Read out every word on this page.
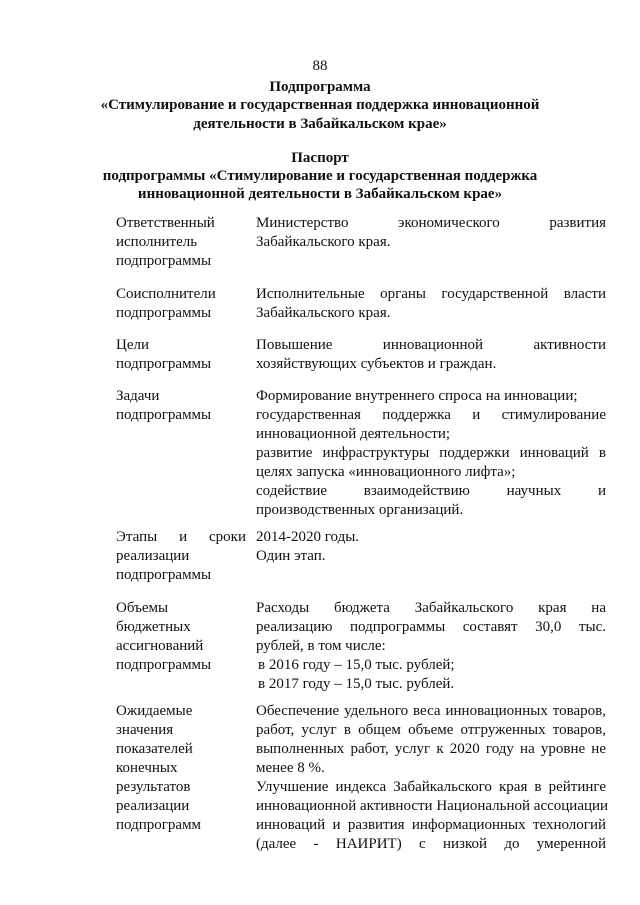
88
Подпрограмма
«Стимулирование и государственная поддержка инновационной
деятельности в Забайкальском крае»
Паспорт
подпрограммы «Стимулирование и государственная поддержка
инновационной деятельности в Забайкальском крае»
Ответственный
исполнитель
подпрограммы
Министерство экономического развития
Забайкальского края.
Соисполнители
подпрограммы
Исполнительные органы государственной власти
Забайкальского края.
Цели
подпрограммы
Повышение инновационной активности
хозяйствующих субъектов и граждан.
Задачи
подпрограммы
Формирование внутреннего спроса на инновации;
государственная поддержка и стимулирование
инновационной деятельности;
развитие инфраструктуры поддержки инноваций в
целях запуска «инновационного лифта»;
содействие взаимодействию научных и
производственных организаций.
Этапы и сроки
реализации
подпрограммы
2014-2020 годы.
Один этап.
Объемы
бюджетных
ассигнований
подпрограммы
Расходы бюджета Забайкальского края на
реализацию подпрограммы составят 30,0 тыс.
рублей, в том числе:
в 2016 году – 15,0 тыс. рублей;
в 2017 году – 15,0 тыс. рублей.
Ожидаемые
значения
показателей
конечных
результатов
реализации
подпрограмм
Обеспечение удельного веса инновационных товаров,
работ, услуг в общем объеме отгруженных товаров,
выполненных работ, услуг к 2020 году на уровне не
менее 8 %.
Улучшение индекса Забайкальского края в рейтинге
инновационной активности Национальной ассоциации
инноваций и развития информационных технологий
(далее - НАИРИТ) с низкой до умеренной
